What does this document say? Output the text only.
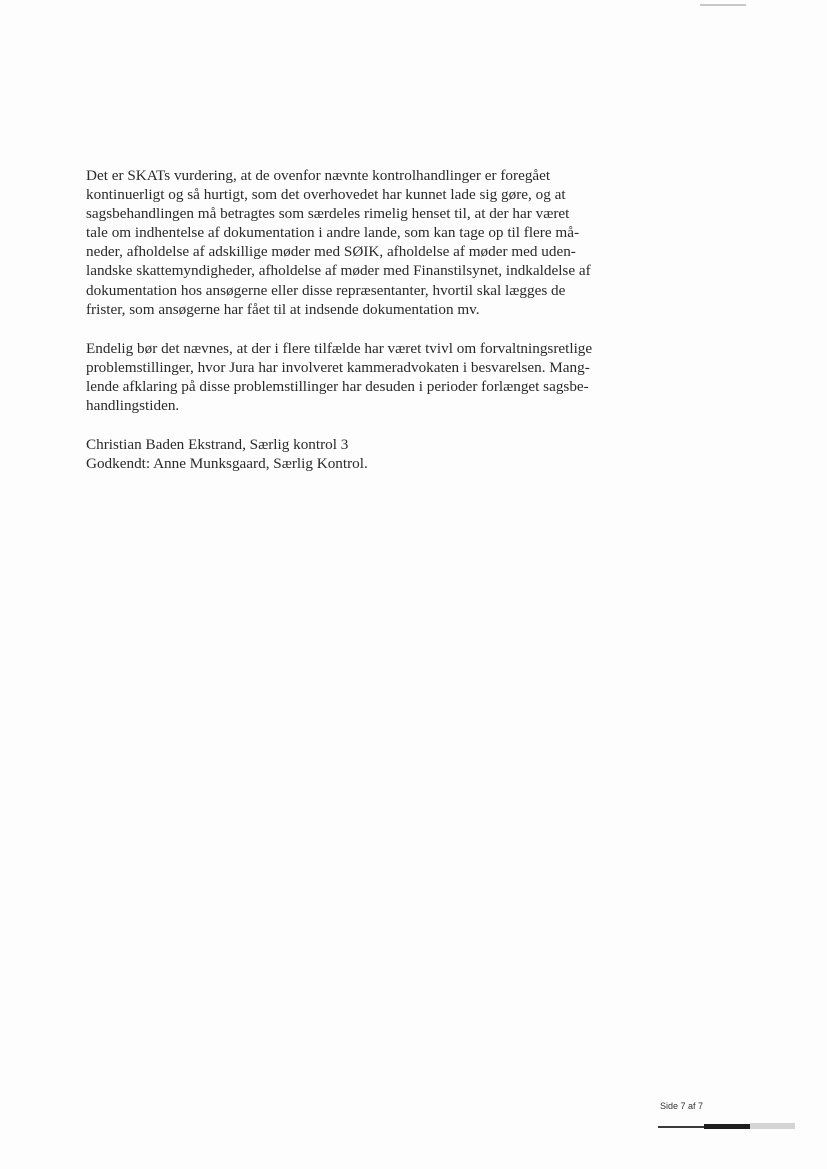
Det er SKATs vurdering, at de ovenfor nævnte kontrolhandlinger er foregået
kontinuerligt og så hurtigt, som det overhovedet har kunnet lade sig gøre, og at
sagsbehandlingen må betragtes som særdeles rimelig henset til, at der har været
tale om indhentelse af dokumentation i andre lande, som kan tage op til flere må-
neder, afholdelse af adskillige møder med SØIK, afholdelse af møder med uden-
landske skattemyndigheder, afholdelse af møder med Finanstilsynet, indkaldelse af
dokumentation hos ansøgerne eller disse repræsentanter, hvortil skal lægges de
frister, som ansøgerne har fået til at indsende dokumentation mv.

Endelig bør det nævnes, at der i flere tilfælde har været tvivl om forvaltningsretlige
problemstillinger, hvor Jura har involveret kammeradvokaten i besvarelsen. Mang-
lende afklaring på disse problemstillinger har desuden i perioder forlænget sagsbe-
handlingstiden.

Christian Baden Ekstrand, Særlig kontrol 3
Godkendt: Anne Munksgaard, Særlig Kontrol.

Side 7 af 7
